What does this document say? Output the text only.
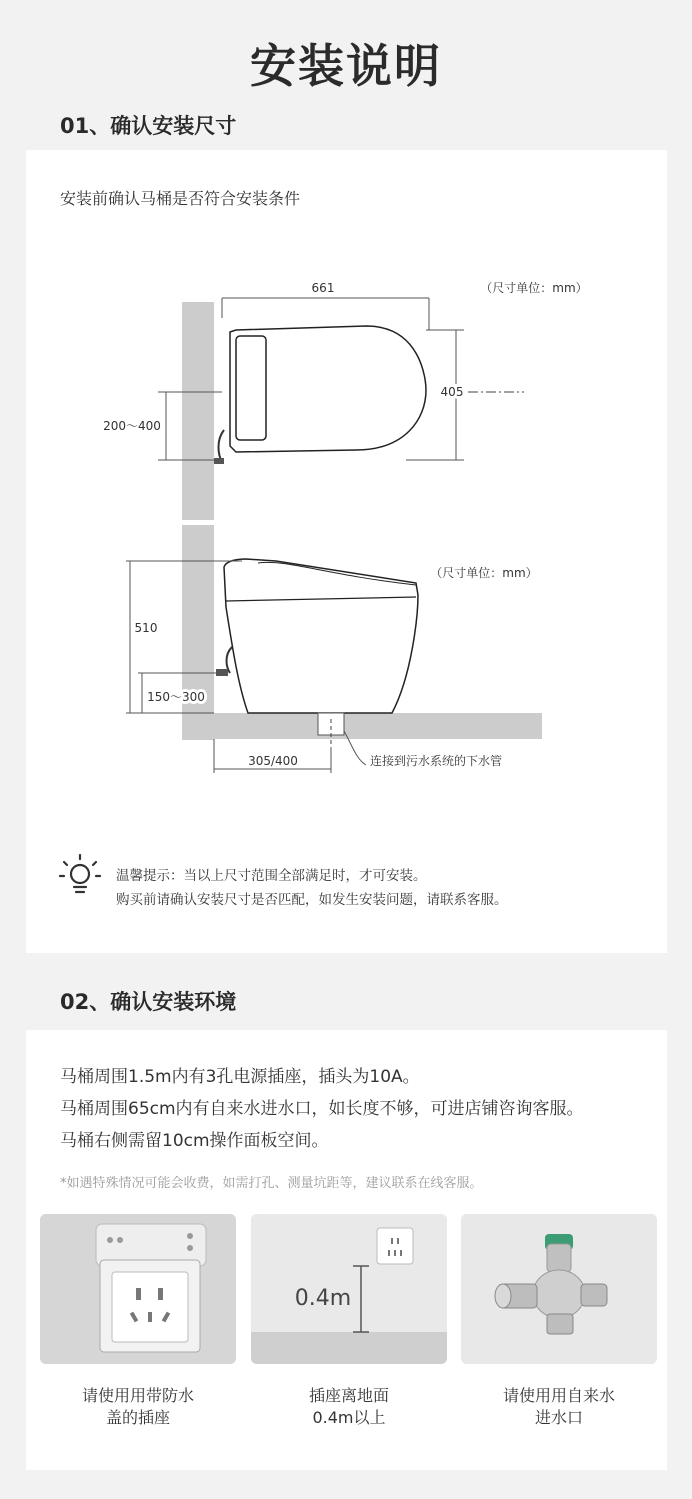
安装说明
01、确认安装尺寸
安装前确认马桶是否符合安装条件
661	（尺寸单位：mm）
405
200～400
（尺寸单位：mm）
510
150～300
305/400	连接到污水系统的下水管
温馨提示：当以上尺寸范围全部满足时，才可安装。
购买前请确认安装尺寸是否匹配，如发生安装问题，请联系客服。
02、确认安装环境
马桶周围1.5m内有3孔电源插座，插头为10A。
马桶周围65cm内有自来水进水口，如长度不够，可进店铺咨询客服。
马桶右侧需留10cm操作面板空间。
*如遇特殊情况可能会收费，如需打孔、测量坑距等，建议联系在线客服。
请使用用带防水
盖的插座
0.4m
插座离地面
0.4m以上
请使用用自来水
进水口
